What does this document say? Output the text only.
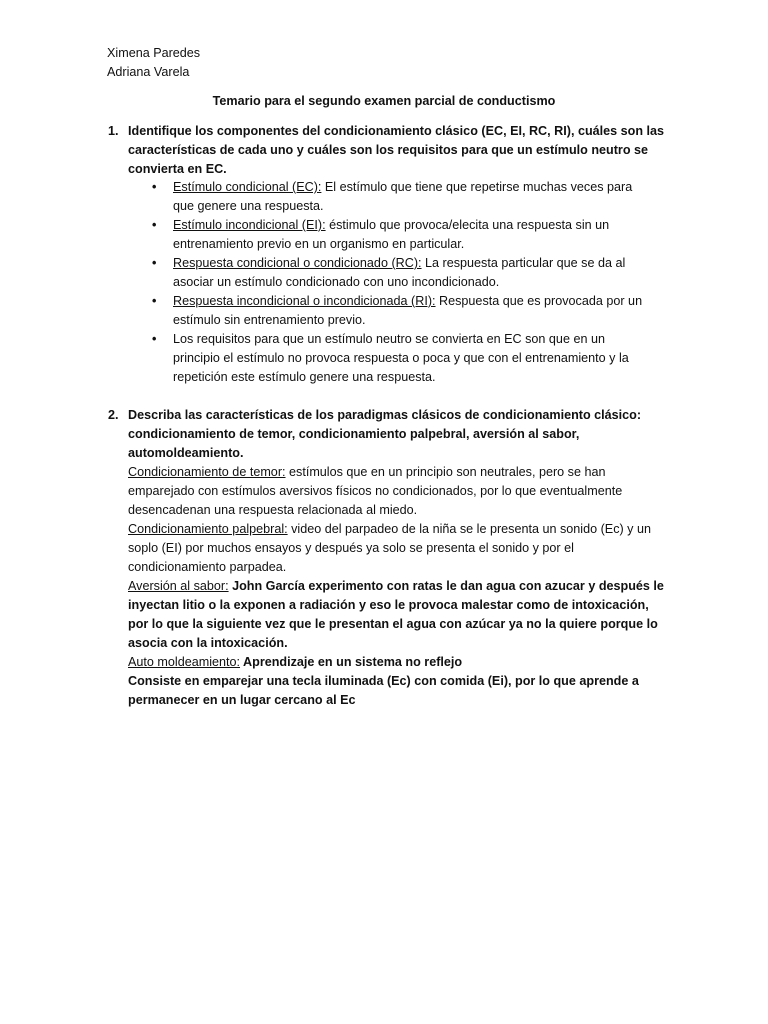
Ximena Paredes
Adriana Varela
Temario para el segundo examen parcial de conductismo
1. Identifique los componentes del condicionamiento clásico (EC, EI, RC, RI), cuáles son las características de cada uno y cuáles son los requisitos para que un estímulo neutro se convierta en EC.
• Estímulo condicional (EC): El estímulo que tiene que repetirse muchas veces para que genere una respuesta.
• Estímulo incondicional (EI): éstimulo que provoca/elecita una respuesta sin un entrenamiento previo en un organismo en particular.
• Respuesta condicional o condicionado (RC): La respuesta particular que se da al asociar un estímulo condicionado con uno incondicionado.
• Respuesta incondicional o incondicionada (RI): Respuesta que es provocada por un estímulo sin entrenamiento previo.
• Los requisitos para que un estímulo neutro se convierta en EC son que en un principio el estímulo no provoca respuesta o poca y que con el entrenamiento y la repetición este estímulo genere una respuesta.
2. Describa las características de los paradigmas clásicos de condicionamiento clásico: condicionamiento de temor, condicionamiento palpebral, aversión al sabor, automoldeamiento.
Condicionamiento de temor: estímulos que en un principio son neutrales, pero se han emparejado con estímulos aversivos físicos no condicionados, por lo que eventualmente desencadenan una respuesta relacionada al miedo.
Condicionamiento palpebral: video del parpadeo de la niña se le presenta un sonido (Ec) y un soplo (EI) por muchos ensayos y después ya solo se presenta el sonido y por el condicionamiento parpadea.
Aversión al sabor: John García experimento con ratas le dan agua con azucar y después le inyectan litio o la exponen a radiación y eso le provoca malestar como de intoxicación, por lo que la siguiente vez que le presentan el agua con azúcar ya no la quiere porque lo asocia con la intoxicación.
Auto moldeamiento: Aprendizaje en un sistema no reflejo
Consiste en emparejar una tecla iluminada (Ec) con comida (Ei), por lo que aprende a permanecer en un lugar cercano al Ec
